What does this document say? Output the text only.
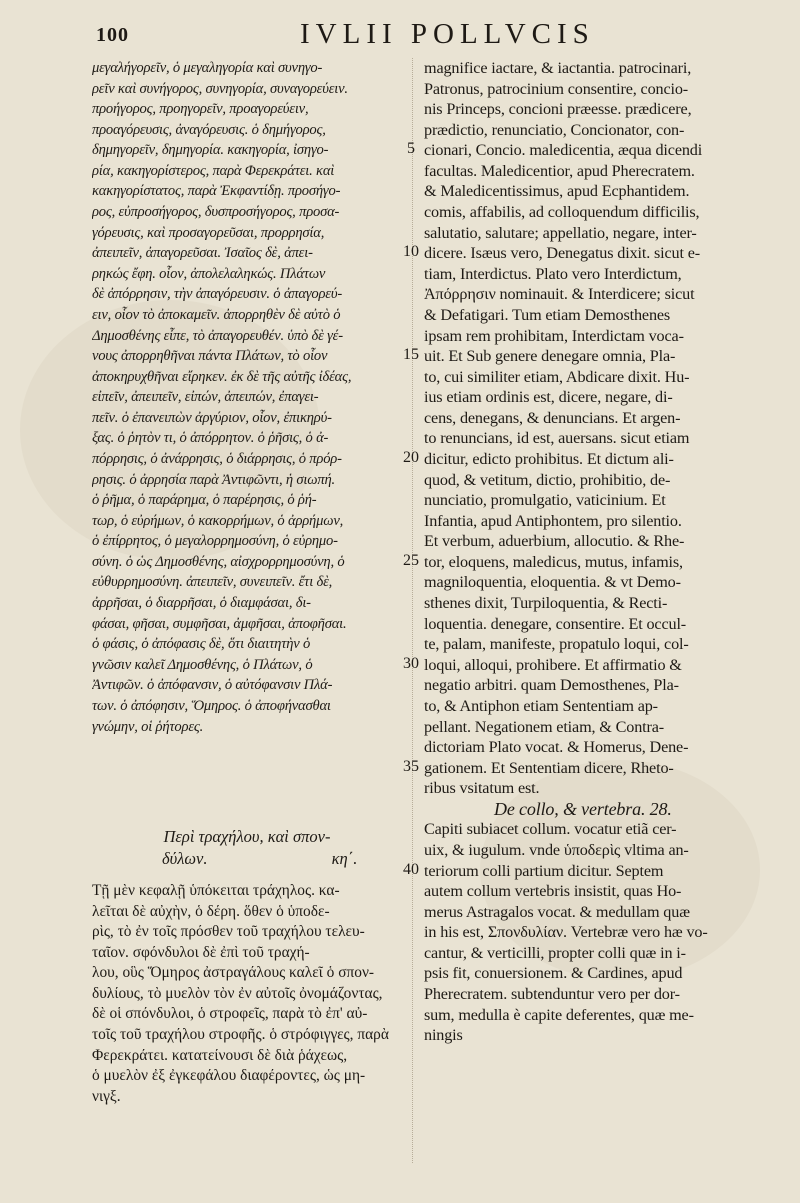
100	IVLII POLLVCIS
μεγαλήγορεῖν, ὁ μεγαληγορία καὶ συνηγο-
ρεῖν καὶ συνήγορος, συνηγορία, συναγορεύειν.
προήγορος, προηγορεῖν, προαγορεύειν,
προαγόρευσις, ἀναγόρευσις. ὁ δημήγορος,
δημηγορεῖν, δημηγορία. κακηγορία, ἰσηγο-
ρία, κακηγορίστερος, παρὰ Φερεκράτει. καὶ
κακηγορίστατος, παρὰ Ἐκφαντίδῃ. προσήγο-
ρος, εὐπροσήγορος, δυσπροσήγορος, προσα-
γόρευσις, καὶ προσαγορεῦσαι, προρρησία,
ἀπειπεῖν, ἀπαγορεῦσαι. Ἰσαῖος δὲ, ἀπει-
ρηκώς ἔφη. οἷον, ἀπολελαληκώς. Πλάτων
δὲ ἀπόρρησιν, τὴν ἀπαγόρευσιν. ὁ ἀπαγορεύ-
ειν, οἷον τὸ ἀποκαμεῖν. ἀπορρηθὲν δὲ αὐτὸ ὁ
Δημοσθένης εἶπε, τὸ ἀπαγορευθέν. ὑπὸ δὲ γέ-
νους ἀπορρηθῆναι πάντα Πλάτων, τὸ οἷον
ἀποκηρυχθῆναι εἴρηκεν. ἐκ δὲ τῆς αὐτῆς ἰδέας,
εἰπεῖν, ἀπειπεῖν, εἰπών, ἀπειπών, ἐπαγει-
πεῖν. ὁ ἐπανειπὼν ἀργύριον, οἷον, ἐπικηρύ-
ξας. ὁ ῥητὸν τι, ὁ ἀπόρρητον. ὁ ῥῆσις, ὁ ἀ-
πόρρησις, ὁ ἀνάρρησις, ὁ διάρρησις, ὁ πρόρ-
ρησις. ὁ ἀρρησία παρὰ Ἀντιφῶντι, ἡ σιωπή.
ὁ ῥῆμα, ὁ παράρημα, ὁ παρέρησις, ὁ ῥή-
τωρ, ὁ εὐρήμων, ὁ κακορρήμων, ὁ ἀρρήμων,
ὁ ἐπίρρητος, ὁ μεγαλορρημοσύνη, ὁ εὐρημο-
σύνη. ὁ ὡς Δημοσθένης, αἰσχρορρημοσύνη, ὁ
εὐθυρρημοσύνη. ἀπειπεῖν, συνειπεῖν. ἔτι δὲ,
ἀρρῆσαι, ὁ διαρρῆσαι, ὁ διαμφάσαι, δι-
φάσαι, φῆσαι, συμφῆσαι, ἀμφῆσαι, ἀποφῆσαι.
ὁ φάσις, ὁ ἀπόφασις δὲ, ὅτι διαιτητὴν ὁ
γνῶσιν καλεῖ Δημοσθένης, ὁ Πλάτων, ὁ
Ἀντιφῶν. ὁ ἀπόφανσιν, ὁ αὐτόφανσιν Πλά-
των. ὁ ἀπόφησιν, Ὅμηρος. ὁ ἀποφήνασθαι
γνώμην, οἱ ῥήτορες.
Περὶ τραχήλου, καὶ σπον-
δύλων.	κη΄.
Τῇ μὲν κεφαλῇ ὑπόκειται τράχηλος. κα-
λεῖται δὲ αὐχὴν, ὁ δέρη. ὅθεν ὁ ὑποδε-
ρὶς, τὸ ἐν τοῖς πρόσθεν τοῦ τραχήλου τελευ-
ταῖον. σφόνδυλοι δὲ ἐπὶ τοῦ τραχή-
λου, οὓς Ὅμηρος ἀστραγάλους καλεῖ ὁ σπον-
δυλίους, τὸ μυελὸν τὸν ἐν αὐτοῖς ὀνομάζοντας,
δὲ οἱ σπόνδυλοι, ὁ στροφεῖς, παρὰ τὸ ἐπ' αὐ-
τοῖς τοῦ τραχήλου στροφῆς. ὁ στρόφιγγες, παρὰ
Φερεκράτει. κατατείνουσι δὲ διὰ ῥάχεως,
ὁ μυελὸν ἐξ ἐγκεφάλου διαφέροντες, ὡς μη-
νιγξ.
5
10
15
20
25
30
35
40
magnifice iactare, & iactantia. patrocinari,
Patronus, patrocinium consentire, concio-
nis Princeps, concioni præesse. prædicere,
prædictio, renunciatio, Concionator, con-
cionari, Concio. maledicentia, æqua dicendi
facultas. Maledicentior, apud Pherecratem.
& Maledicentissimus, apud Ecphantidem.
comis, affabilis, ad colloquendum difficilis,
salutatio, salutare; appellatio, negare, inter-
dicere. Isæus vero, Denegatus dixit. sicut e-
tiam, Interdictus. Plato vero Interdictum,
Ἀπόρρησιν nominauit. & Interdicere; sicut
& Defatigari. Tum etiam Demosthenes
ipsam rem prohibitam, Interdictam voca-
uit. Et Sub genere denegare omnia, Pla-
to, cui similiter etiam, Abdicare dixit. Hu-
ius etiam ordinis est, dicere, negare, di-
cens, denegans, & denuncians. Et argen-
to renuncians, id est, auersans. sicut etiam
dicitur, edicto prohibitus. Et dictum ali-
quod, & vetitum, dictio, prohibitio, de-
nunciatio, promulgatio, vaticinium. Et
Infantia, apud Antiphontem, pro silentio.
Et verbum, aduerbium, allocutio. & Rhe-
tor, eloquens, maledicus, mutus, infamis,
magniloquentia, eloquentia. & vt Demo-
sthenes dixit, Turpiloquentia, & Recti-
loquentia. denegare, consentire. Et occul-
te, palam, manifeste, propatulo loqui, col-
loqui, alloqui, prohibere. Et affirmatio &
negatio arbitri. quam Demosthenes, Pla-
to, & Antiphon etiam Sententiam ap-
pellant. Negationem etiam, & Contra-
dictoriam Plato vocat. & Homerus, Dene-
gationem. Et Sententiam dicere, Rheto-
ribus vsitatum est.
De collo, & vertebra. 28.
Capiti subiacet collum. vocatur etiã cer-
uix, & iugulum. vnde ὑποδερὶς vltima an-
teriorum colli partium dicitur. Septem
autem collum vertebris insistit, quas Ho-
merus Astragalos vocat. & medullam quæ
in his est, Σπονδυλίαν. Vertebræ vero hæ vo-
cantur, & verticilli, propter colli quæ in i-
psis fit, conuersionem. & Cardines, apud
Pherecratem. subtenduntur vero per dor-
sum, medulla è capite deferentes, quæ me-
ningis
